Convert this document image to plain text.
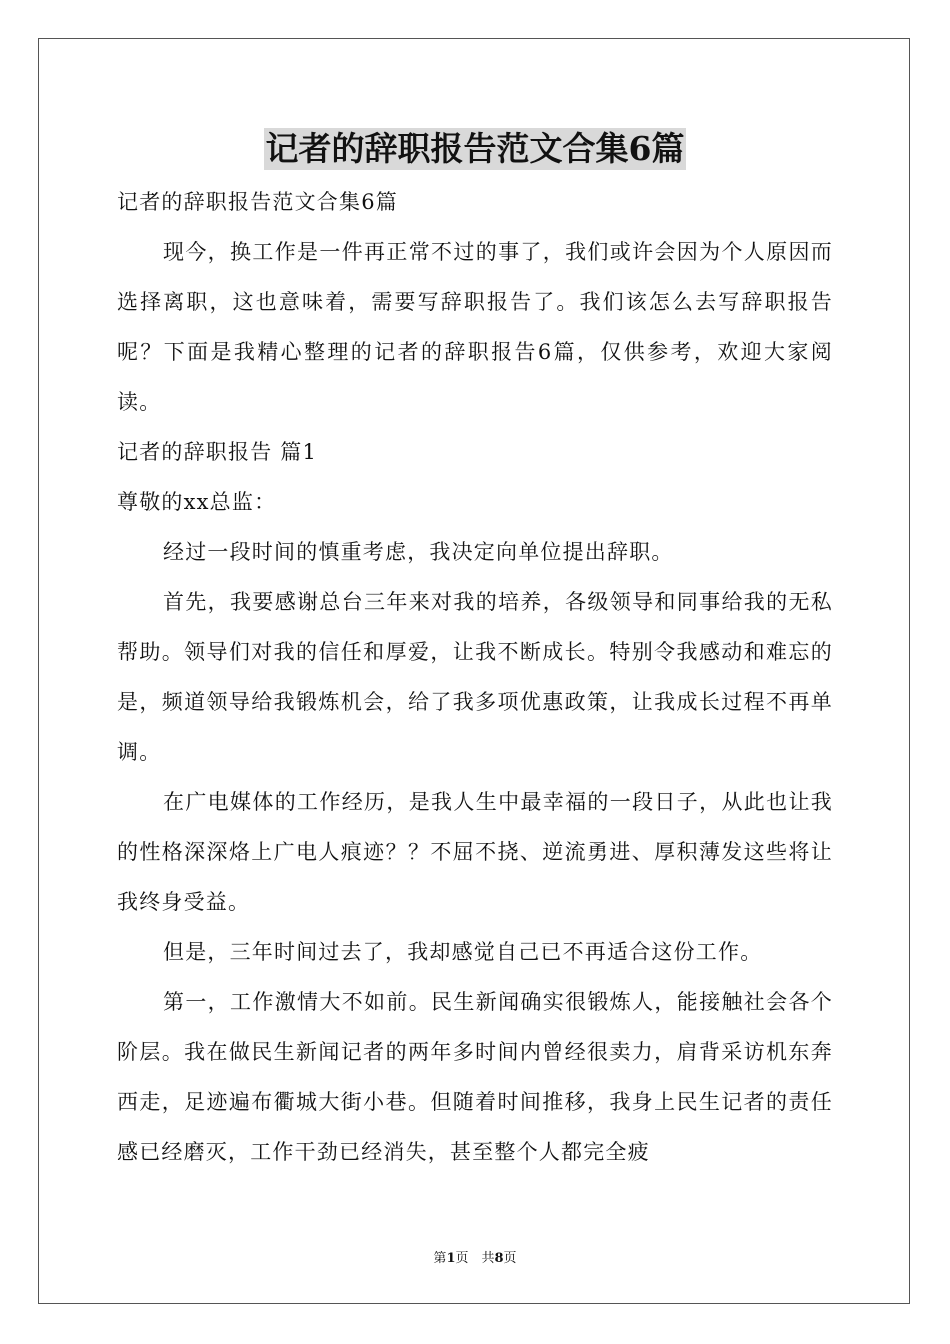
记者的辞职报告范文合集6篇

记者的辞职报告范文合集6篇

现今，换工作是一件再正常不过的事了，我们或许会因为个人原因而选择离职，这也意味着，需要写辞职报告了。我们该怎么去写辞职报告呢？下面是我精心整理的记者的辞职报告6篇，仅供参考，欢迎大家阅读。

记者的辞职报告 篇1

尊敬的xx总监：

经过一段时间的慎重考虑，我决定向单位提出辞职。

首先，我要感谢总台三年来对我的培养，各级领导和同事给我的无私帮助。领导们对我的信任和厚爱，让我不断成长。特别令我感动和难忘的是，频道领导给我锻炼机会，给了我多项优惠政策，让我成长过程不再单调。

在广电媒体的工作经历，是我人生中最幸福的一段日子，从此也让我的性格深深烙上广电人痕迹？？不屈不挠、逆流勇进、厚积薄发这些将让我终身受益。

但是，三年时间过去了，我却感觉自己已不再适合这份工作。

第一，工作激情大不如前。民生新闻确实很锻炼人，能接触社会各个阶层。我在做民生新闻记者的两年多时间内曾经很卖力，肩背采访机东奔西走，足迹遍布衢城大街小巷。但随着时间推移，我身上民生记者的责任感已经磨灭，工作干劲已经消失，甚至整个人都完全疲

第1页　共8页
